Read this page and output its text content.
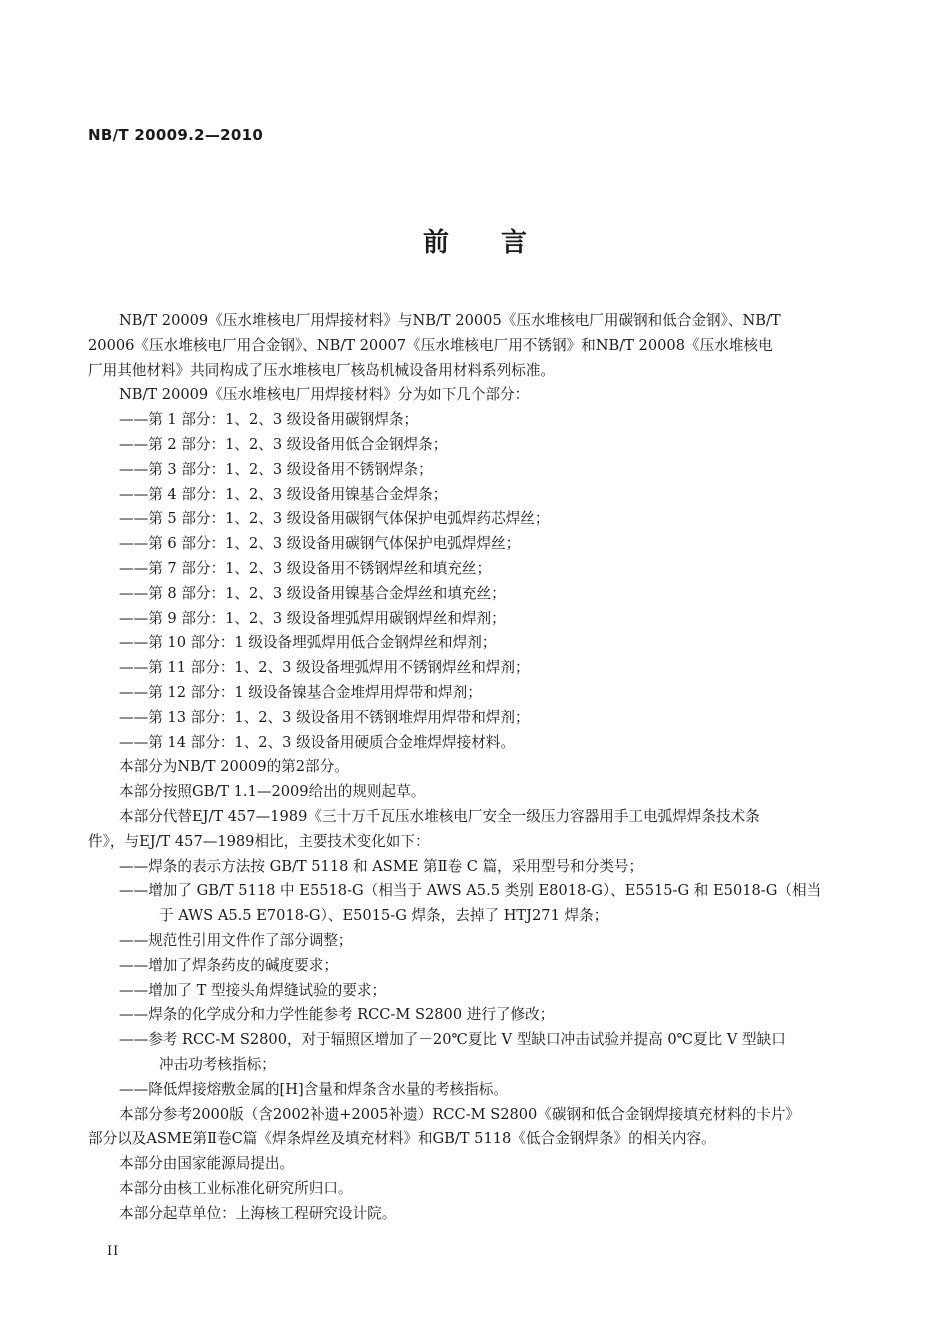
NB/T 20009.2—2010
前言

NB/T 20009《压水堆核电厂用焊接材料》与NB/T 20005《压水堆核电厂用碳钢和低合金钢》、NB/T

20006《压水堆核电厂用合金钢》、NB/T 20007《压水堆核电厂用不锈钢》和NB/T 20008《压水堆核电

厂用其他材料》共同构成了压水堆核电厂核岛机械设备用材料系列标准。

NB/T 20009《压水堆核电厂用焊接材料》分为如下几个部分：

——第 1 部分：1、2、3 级设备用碳钢焊条；

——第 2 部分：1、2、3 级设备用低合金钢焊条；

——第 3 部分：1、2、3 级设备用不锈钢焊条；

——第 4 部分：1、2、3 级设备用镍基合金焊条；

——第 5 部分：1、2、3 级设备用碳钢气体保护电弧焊药芯焊丝；

——第 6 部分：1、2、3 级设备用碳钢气体保护电弧焊焊丝；

——第 7 部分：1、2、3 级设备用不锈钢焊丝和填充丝；

——第 8 部分：1、2、3 级设备用镍基合金焊丝和填充丝；

——第 9 部分：1、2、3 级设备埋弧焊用碳钢焊丝和焊剂；

——第 10 部分：1 级设备埋弧焊用低合金钢焊丝和焊剂；

——第 11 部分：1、2、3 级设备埋弧焊用不锈钢焊丝和焊剂；

——第 12 部分：1 级设备镍基合金堆焊用焊带和焊剂；

——第 13 部分：1、2、3 级设备用不锈钢堆焊用焊带和焊剂；

——第 14 部分：1、2、3 级设备用硬质合金堆焊焊接材料。

本部分为NB/T 20009的第2部分。

本部分按照GB/T 1.1—2009给出的规则起草。

本部分代替EJ/T 457—1989《三十万千瓦压水堆核电厂安全一级压力容器用手工电弧焊焊条技术条

件》，与EJ/T 457—1989相比，主要技术变化如下：

——焊条的表示方法按 GB/T 5118 和 ASME 第Ⅱ卷 C 篇，采用型号和分类号；

——增加了 GB/T 5118 中 E5518-G（相当于 AWS A5.5 类别 E8018-G）、E5515-G 和 E5018-G（相当

于 AWS A5.5 E7018-G）、E5015-G 焊条，去掉了 HTJ271 焊条；

——规范性引用文件作了部分调整；

——增加了焊条药皮的碱度要求；

——增加了 T 型接头角焊缝试验的要求；

——焊条的化学成分和力学性能参考 RCC-M S2800 进行了修改；

——参考 RCC-M S2800，对于辐照区增加了－20℃夏比 V 型缺口冲击试验并提高 0℃夏比 V 型缺口

冲击功考核指标；

——降低焊接熔敷金属的[H]含量和焊条含水量的考核指标。

本部分参考2000版（含2002补遗+2005补遗）RCC-M S2800《碳钢和低合金钢焊接填充材料的卡片》

部分以及ASME第Ⅱ卷C篇《焊条焊丝及填充材料》和GB/T 5118《低合金钢焊条》的相关内容。

本部分由国家能源局提出。

本部分由核工业标准化研究所归口。

本部分起草单位：上海核工程研究设计院。

II
